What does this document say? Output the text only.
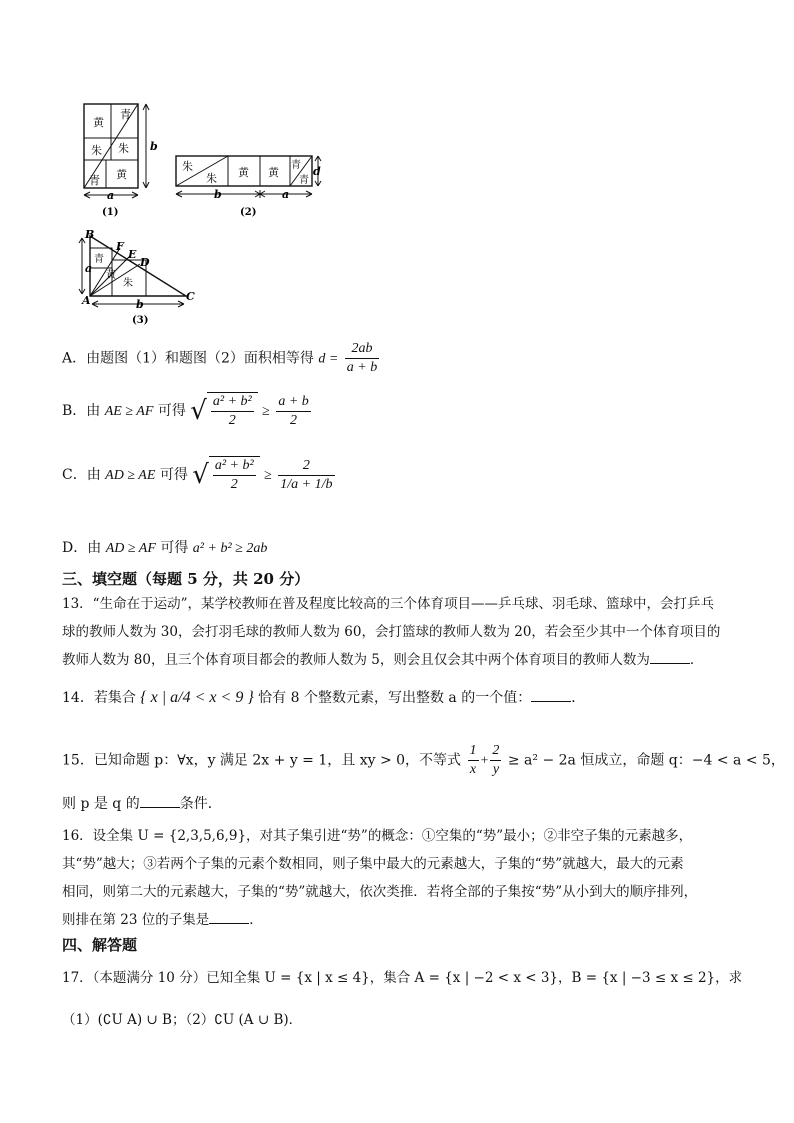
黄
青
朱 朱
青 黄
b
a
(1)
朱
朱 黄 黄
青
青
d
b	a
(2)
B
F
E
D
A	C
青
黄
朱
a
b
(3)
A．由题图（1）和题图（2）面积相等得 $d = \frac{2ab}{a + b}$
B．由 AE ≥ AF 可得 √ $\frac{\text{a² + b²}}{2} \ge \frac{a + b}{2}$
C．由 AD ≥ AE 可得 √ $\frac{\text{a² + b²}}{2} \ge \frac{2}{1/a + 1/b}$
D．由 AD ≥ AF 可得 a² + b² ≥ 2ab
三、填空题（每题 5 分，共 20 分）
13．“生命在于运动”，某学校教师在普及程度比较高的三个体育项目——乒乓球、羽毛球、篮球中，会打乒乓
球的教师人数为 30，会打羽毛球的教师人数为 60，会打篮球的教师人数为 20，若会至少其中一个体育项目的
教师人数为 80，且三个体育项目都会的教师人数为 5，则会且仅会其中两个体育项目的教师人数为	．
14．若集合 { x | a/4 < x < 9 } 恰有 8 个整数元素，写出整数 a 的一个值：	．
15．已知命题 p：∀x，y 满足 2x + y = 1，且 xy > 0，不等式 $\frac{1}{x} + \frac{2}{y} \ge a^2 - 2a$ 恒成立，命题 q：−4 < a < 5，
则 p 是 q 的	条件．
16．设全集 U = {2,3,5,6,9}，对其子集引进“势”的概念：①空集的“势”最小；②非空子集的元素越多，
其“势”越大；③若两个子集的元素个数相同，则子集中最大的元素越大，子集的“势”就越大，最大的元素
相同，则第二大的元素越大，子集的“势”就越大，依次类推．若将全部的子集按“势”从小到大的顺序排列，
则排在第 23 位的子集是	．
四、解答题
17．（本题满分 10 分）已知全集 U = {x | x ≤ 4}，集合 A = {x | −2 < x < 3}，B = {x | −3 ≤ x ≤ 2}，求
（1）(∁U A) ∪ B；（2）∁U (A ∪ B)．
